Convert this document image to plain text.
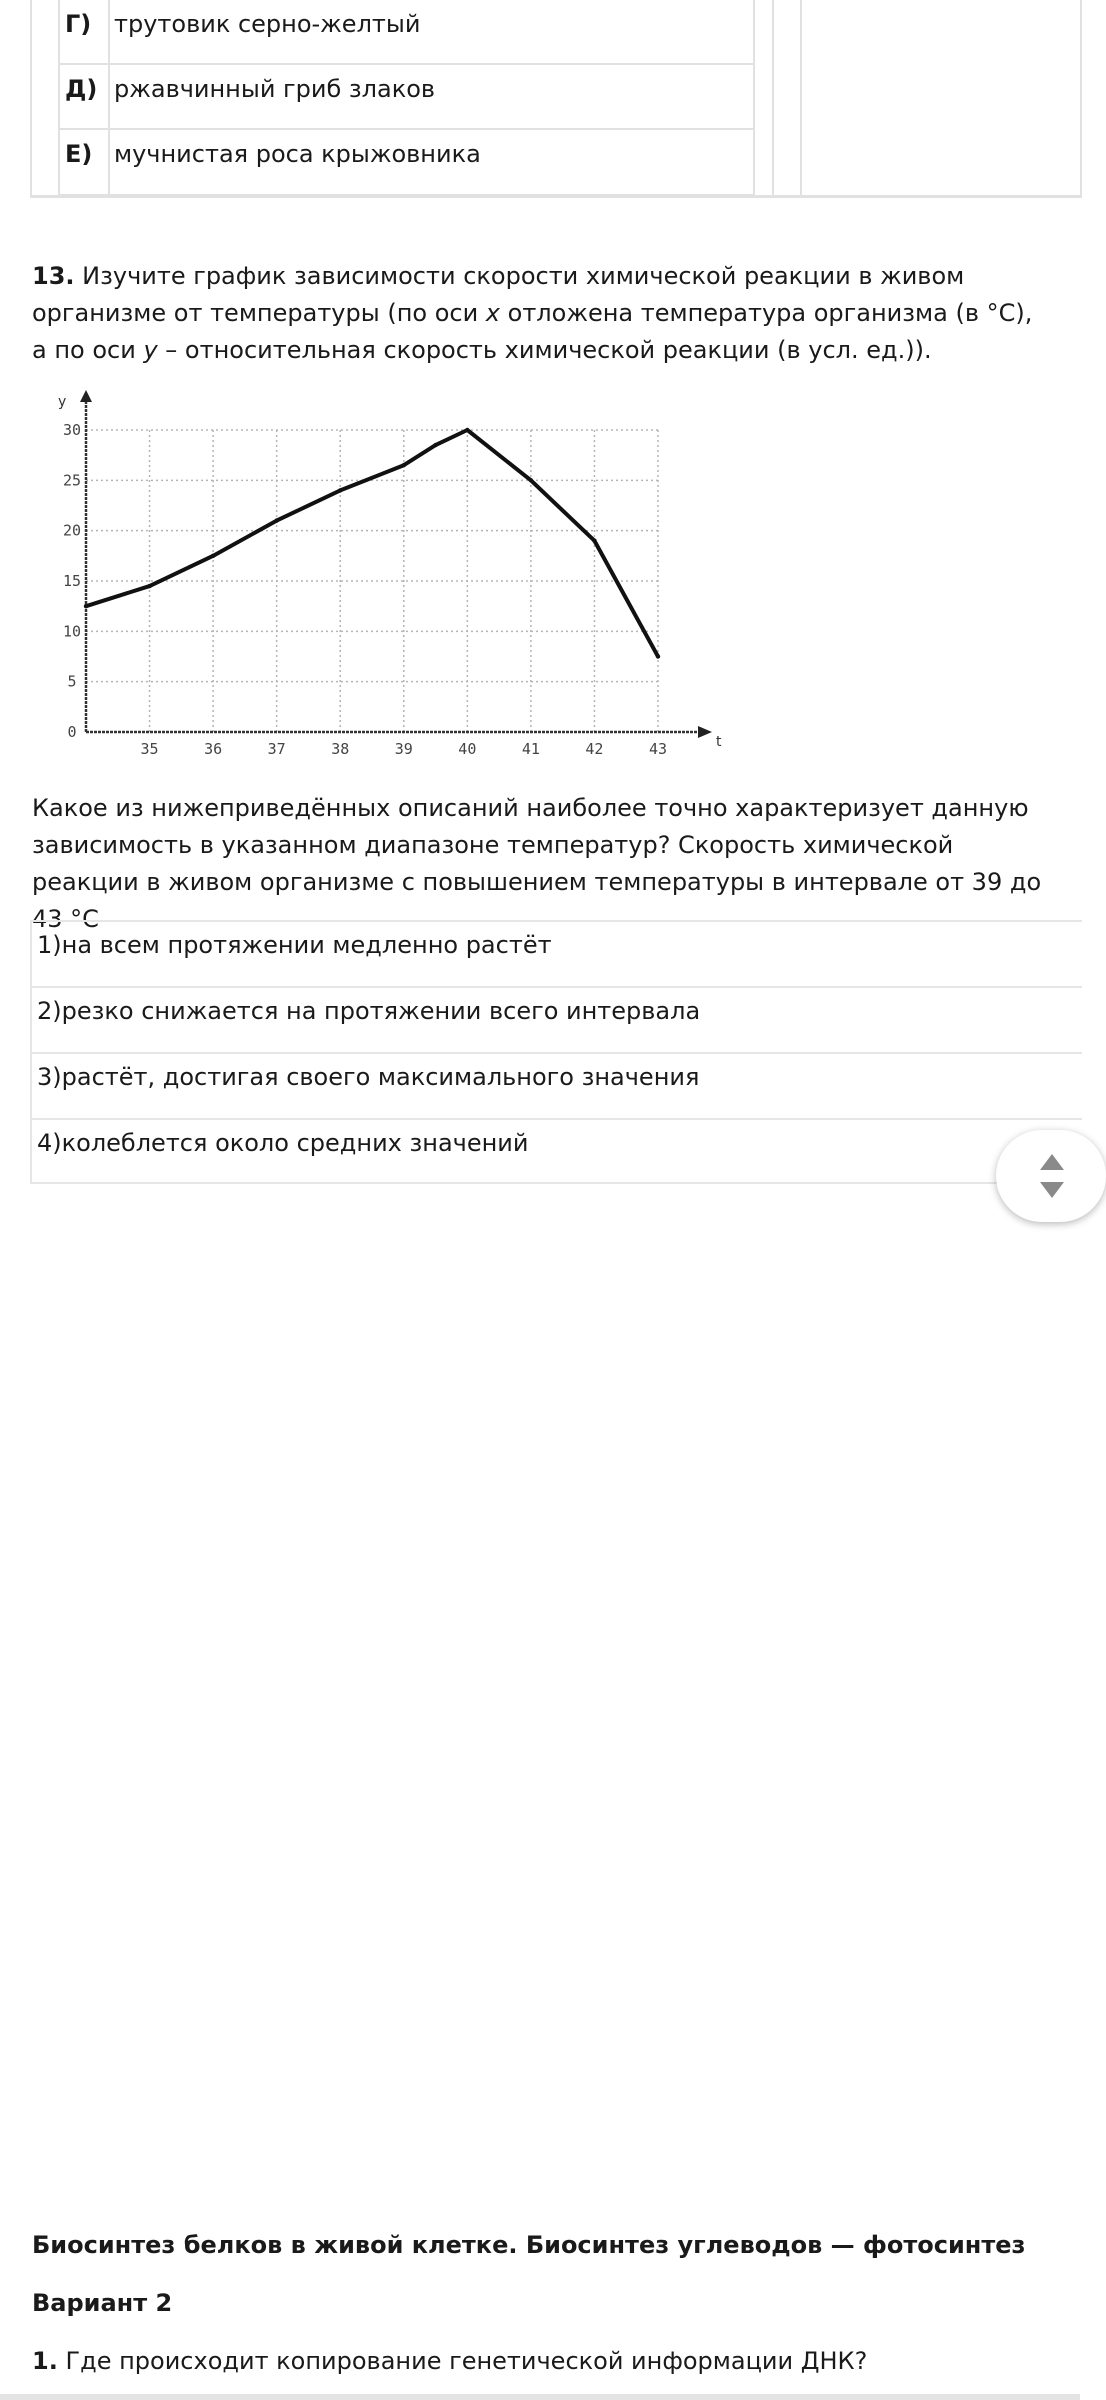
Г) трутовик серно-желтый
Д) ржавчинный гриб злаков
Е) мучнистая роса крыжовника
13. Изучите график зависимости скорости химической реакции в живом организме от температуры (по оси x отложена температура организма (в °С), а по оси y – относительная скорость химической реакции (в усл. ед.)).
t
у
35	36	37	38	39	40	41	42	43
0
5
10
15
20
25
30
Какое из нижеприведённых описаний наиболее точно характеризует данную зависимость в указанном диапазоне температур? Скорость химической реакции в живом организме с повышением температуры в интервале от 39 до 43 °С
1)на всем протяжении медленно растёт
2)резко снижается на протяжении всего интервала
3)растёт, достигая своего максимального значения
4)колеблется около средних значений
Биосинтез белков в живой клетке. Биосинтез углеводов — фотосинтез
Вариант 2
1. Где происходит копирование генетической информации ДНК?
